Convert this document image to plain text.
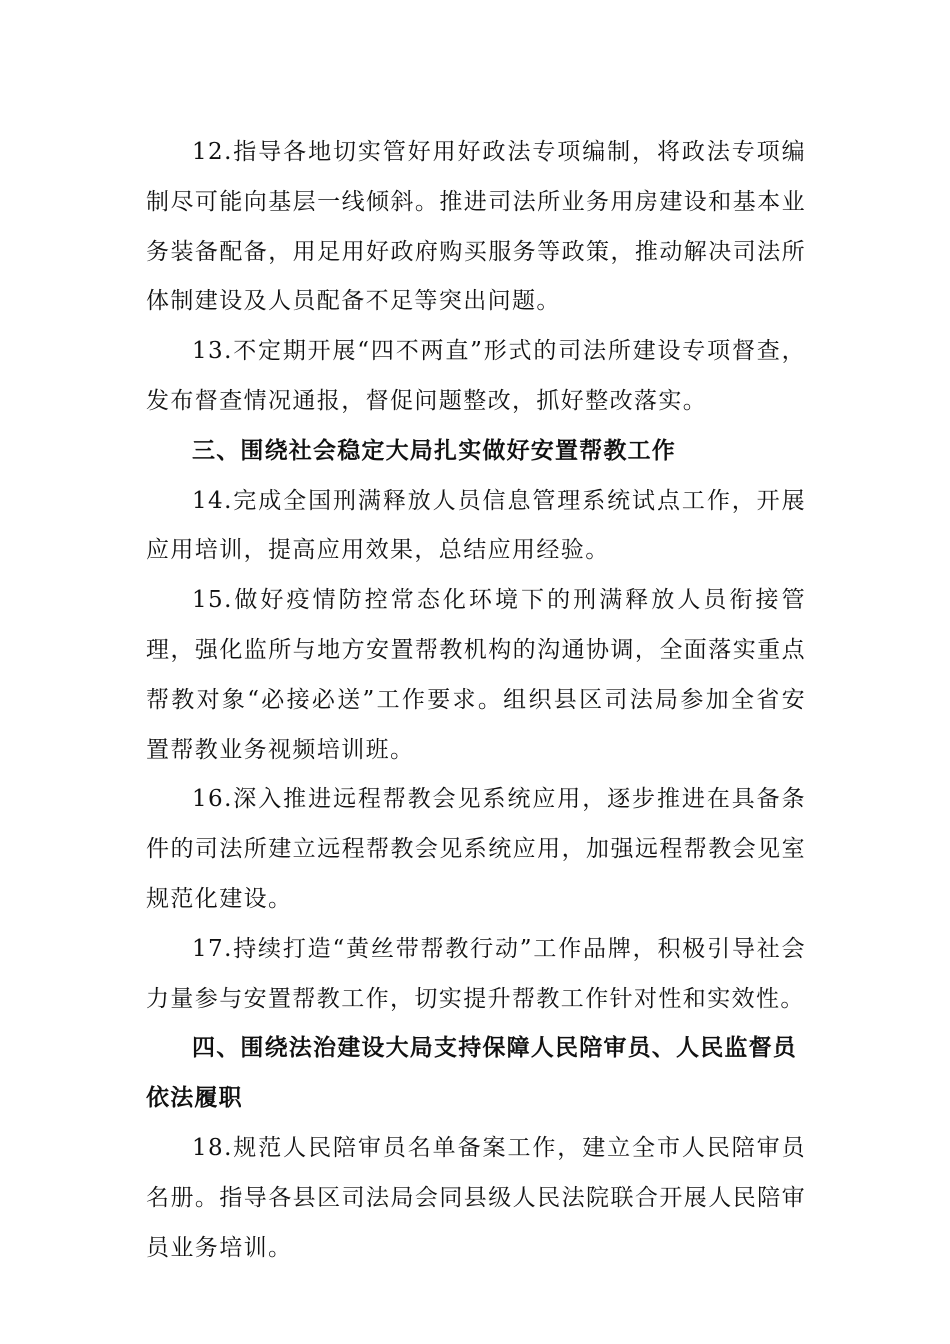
12.指导各地切实管好用好政法专项编制，将政法专项编制尽可能向基层一线倾斜。推进司法所业务用房建设和基本业务装备配备，用足用好政府购买服务等政策，推动解决司法所体制建设及人员配备不足等突出问题。

13.不定期开展“四不两直”形式的司法所建设专项督查，发布督查情况通报，督促问题整改，抓好整改落实。

三、围绕社会稳定大局扎实做好安置帮教工作

14.完成全国刑满释放人员信息管理系统试点工作，开展应用培训，提高应用效果，总结应用经验。

15.做好疫情防控常态化环境下的刑满释放人员衔接管理，强化监所与地方安置帮教机构的沟通协调，全面落实重点帮教对象“必接必送”工作要求。组织县区司法局参加全省安置帮教业务视频培训班。

16.深入推进远程帮教会见系统应用，逐步推进在具备条件的司法所建立远程帮教会见系统应用，加强远程帮教会见室规范化建设。

17.持续打造“黄丝带帮教行动”工作品牌，积极引导社会力量参与安置帮教工作，切实提升帮教工作针对性和实效性。

四、围绕法治建设大局支持保障人民陪审员、人民监督员依法履职

18.规范人民陪审员名单备案工作，建立全市人民陪审员名册。指导各县区司法局会同县级人民法院联合开展人民陪审员业务培训。
